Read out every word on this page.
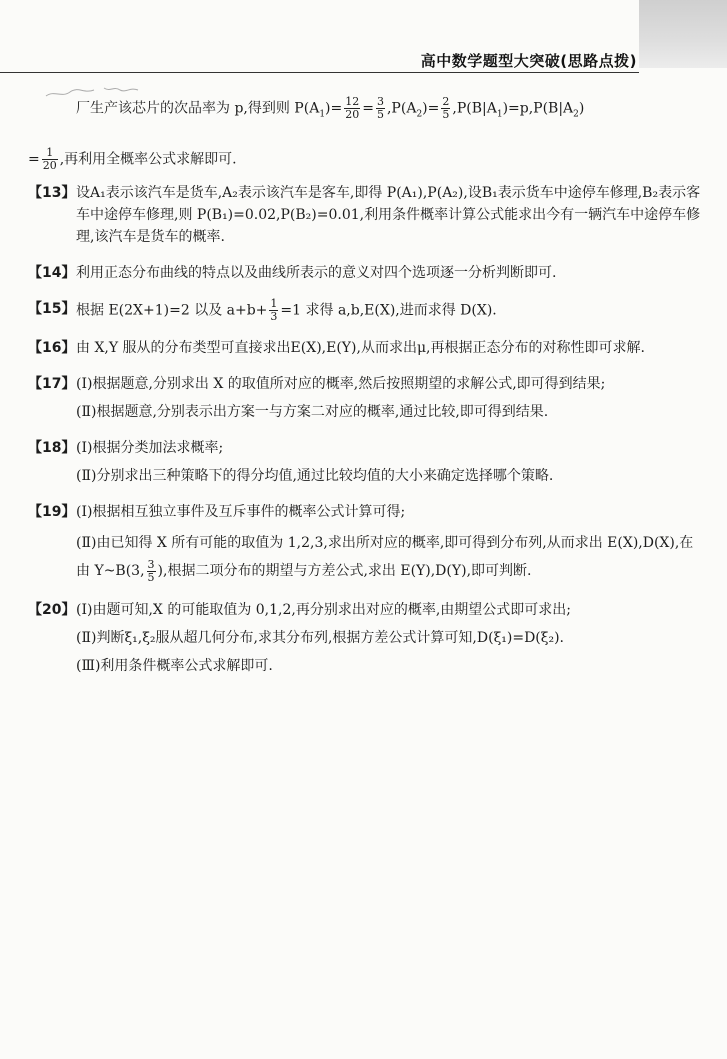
高中数学题型大突破(思路点拨)
厂生产该芯片的次品率为 p,得到则 $P(A_1)= \frac{12}{20} = \frac{3}{5} ,P(A_2)= \frac{2}{5} ,P(B|A_1)=p,P(B|A_2)$
= $\frac{1}{20}$ ,再利用全概率公式求解即可.
【13】 设A₁表示该汽车是货车,A₂表示该汽车是客车,即得 P(A₁),P(A₂),设B₁表示货车中途停车修理,B₂表示客车中途停车修理,则 P(B₁)=0.02,P(B₂)=0.01,利用条件概率计算公式能求出今有一辆汽车中途停车修理,该汽车是货车的概率.

【14】 利用正态分布曲线的特点以及曲线所表示的意义对四个选项逐一分析判断即可.

【15】 根据 E(2X+1)=2 以及 $a+b+ \frac{1}{3} =1$ 求得 a,b,E(X),进而求得 D(X).

【16】 由 X,Y 服从的分布类型可直接求出E(X),E(Y),从而求出μ,再根据正态分布的对称性即可求解.

【17】 (Ⅰ)根据题意,分别求出 X 的取值所对应的概率,然后按照期望的求解公式,即可得到结果;

(Ⅱ)根据题意,分别表示出方案一与方案二对应的概率,通过比较,即可得到结果.

【18】 (Ⅰ)根据分类加法求概率;

(Ⅱ)分别求出三种策略下的得分均值,通过比较均值的大小来确定选择哪个策略.

【19】 (Ⅰ)根据相互独立事件及互斥事件的概率公式计算可得;

(Ⅱ)由已知得 X 所有可能的取值为 1,2,3,求出所对应的概率,即可得到分布列,从而求出 E(X),D(X),在由 Y~B(3, $\frac{3}{5}$ ),根据二项分布的期望与方差公式,求出 E(Y),D(Y),即可判断.

【20】 (Ⅰ)由题可知,X 的可能取值为 0,1,2,再分别求出对应的概率,由期望公式即可求出;

(Ⅱ)判断ξ₁,ξ₂服从超几何分布,求其分布列,根据方差公式计算可知,D(ξ₁)=D(ξ₂).

(Ⅲ)利用条件概率公式求解即可.
